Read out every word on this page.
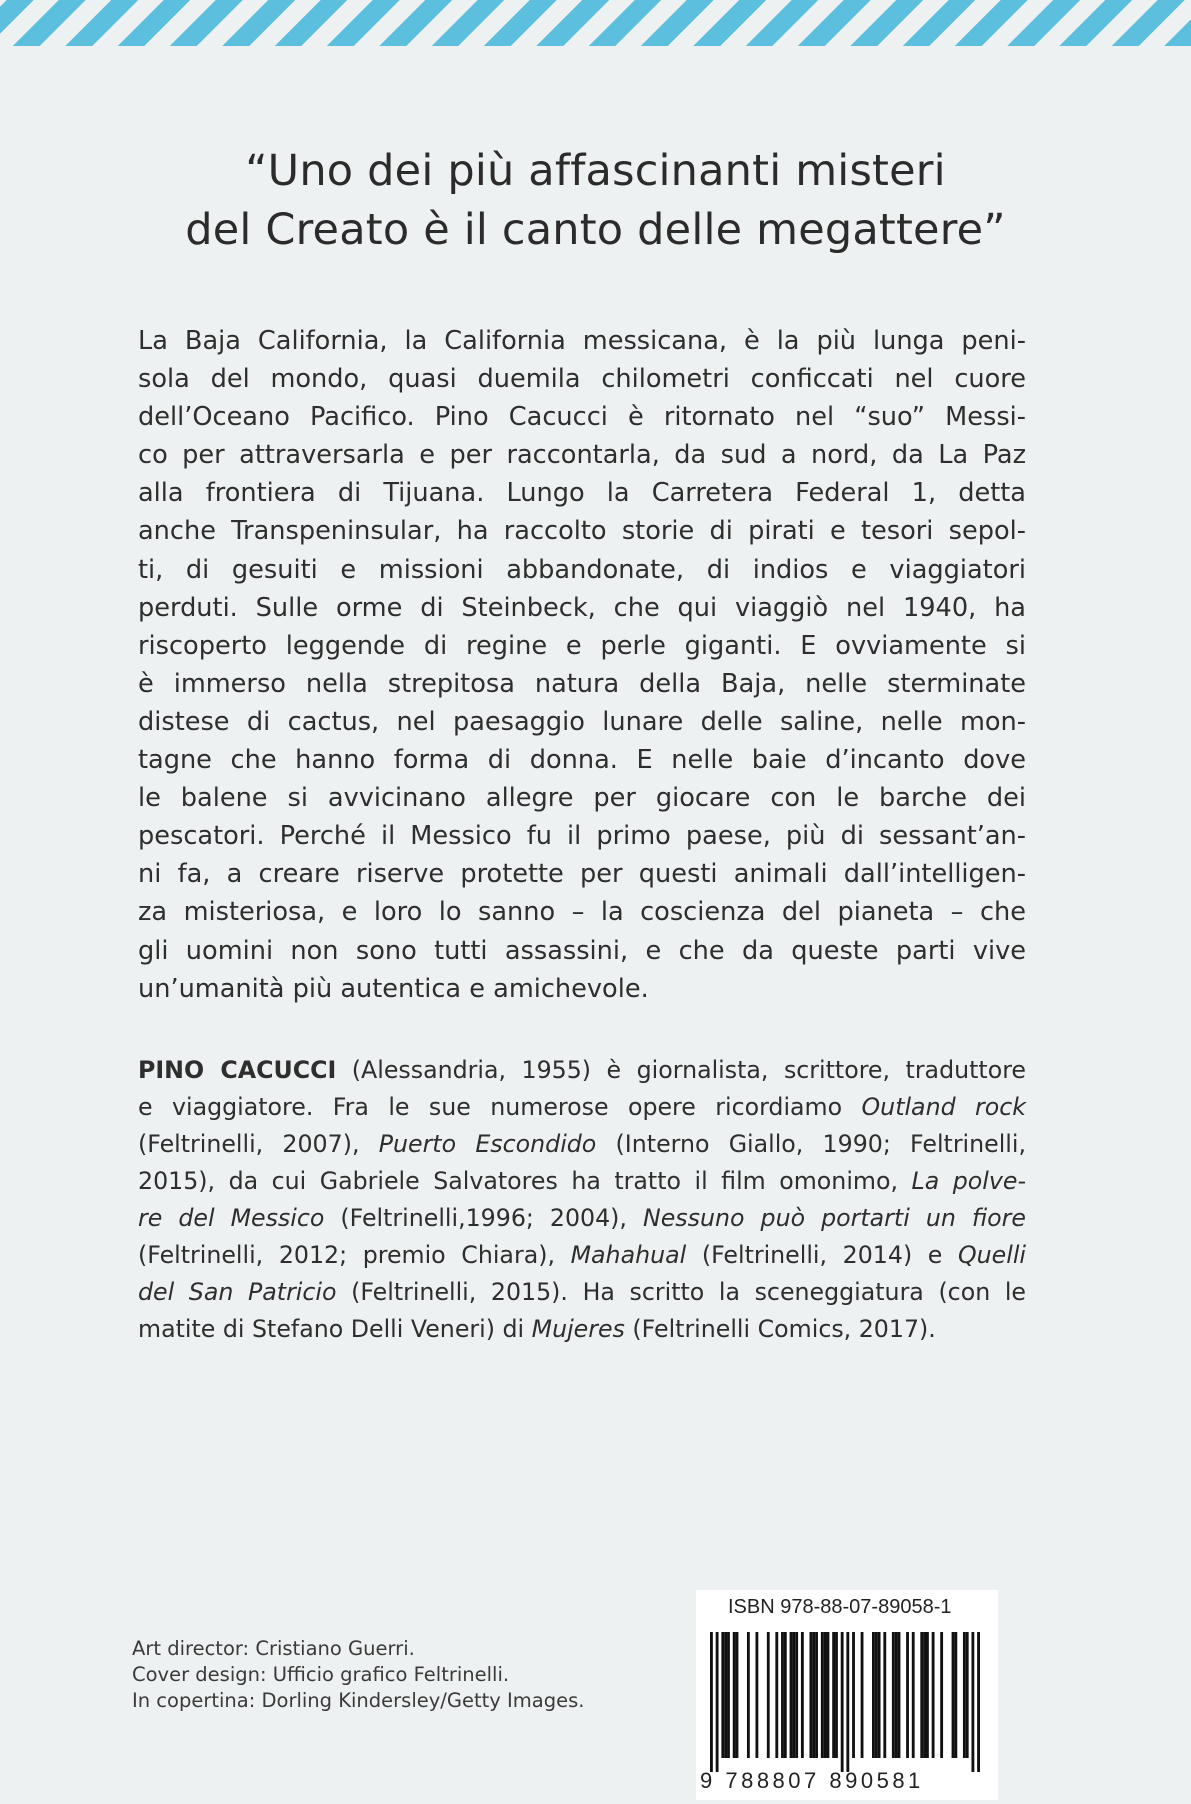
“Uno dei più affascinanti misteri
del Creato è il canto delle megattere”
La Baja California, la California messicana, è la più lunga peni-
sola del mondo, quasi duemila chilometri conficcati nel cuore
dell’Oceano Pacifico. Pino Cacucci è ritornato nel “suo” Messi-
co per attraversarla e per raccontarla, da sud a nord, da La Paz
alla frontiera di Tijuana. Lungo la Carretera Federal 1, detta
anche Transpeninsular, ha raccolto storie di pirati e tesori sepol-
ti, di gesuiti e missioni abbandonate, di indios e viaggiatori
perduti. Sulle orme di Steinbeck, che qui viaggiò nel 1940, ha
riscoperto leggende di regine e perle giganti. E ovviamente si
è immerso nella strepitosa natura della Baja, nelle sterminate
distese di cactus, nel paesaggio lunare delle saline, nelle mon-
tagne che hanno forma di donna. E nelle baie d’incanto dove
le balene si avvicinano allegre per giocare con le barche dei
pescatori. Perché il Messico fu il primo paese, più di sessant’an-
ni fa, a creare riserve protette per questi animali dall’intelligen-
za misteriosa, e loro lo sanno – la coscienza del pianeta – che
gli uomini non sono tutti assassini, e che da queste parti vive
un’umanità più autentica e amichevole.
PINO CACUCCI (Alessandria, 1955) è giornalista, scrittore, traduttore
e viaggiatore. Fra le sue numerose opere ricordiamo Outland rock
(Feltrinelli, 2007), Puerto Escondido (Interno Giallo, 1990; Feltrinelli,
2015), da cui Gabriele Salvatores ha tratto il film omonimo, La polve-
re del Messico (Feltrinelli,1996; 2004), Nessuno può portarti un fiore
(Feltrinelli, 2012; premio Chiara), Mahahual (Feltrinelli, 2014) e Quelli
del San Patricio (Feltrinelli, 2015). Ha scritto la sceneggiatura (con le
matite di Stefano Delli Veneri) di Mujeres (Feltrinelli Comics, 2017).
Art director: Cristiano Guerri.
Cover design: Ufficio grafico Feltrinelli.
In copertina: Dorling Kindersley/Getty Images.
ISBN 978-88-07-89058-1
9 788807 890581
